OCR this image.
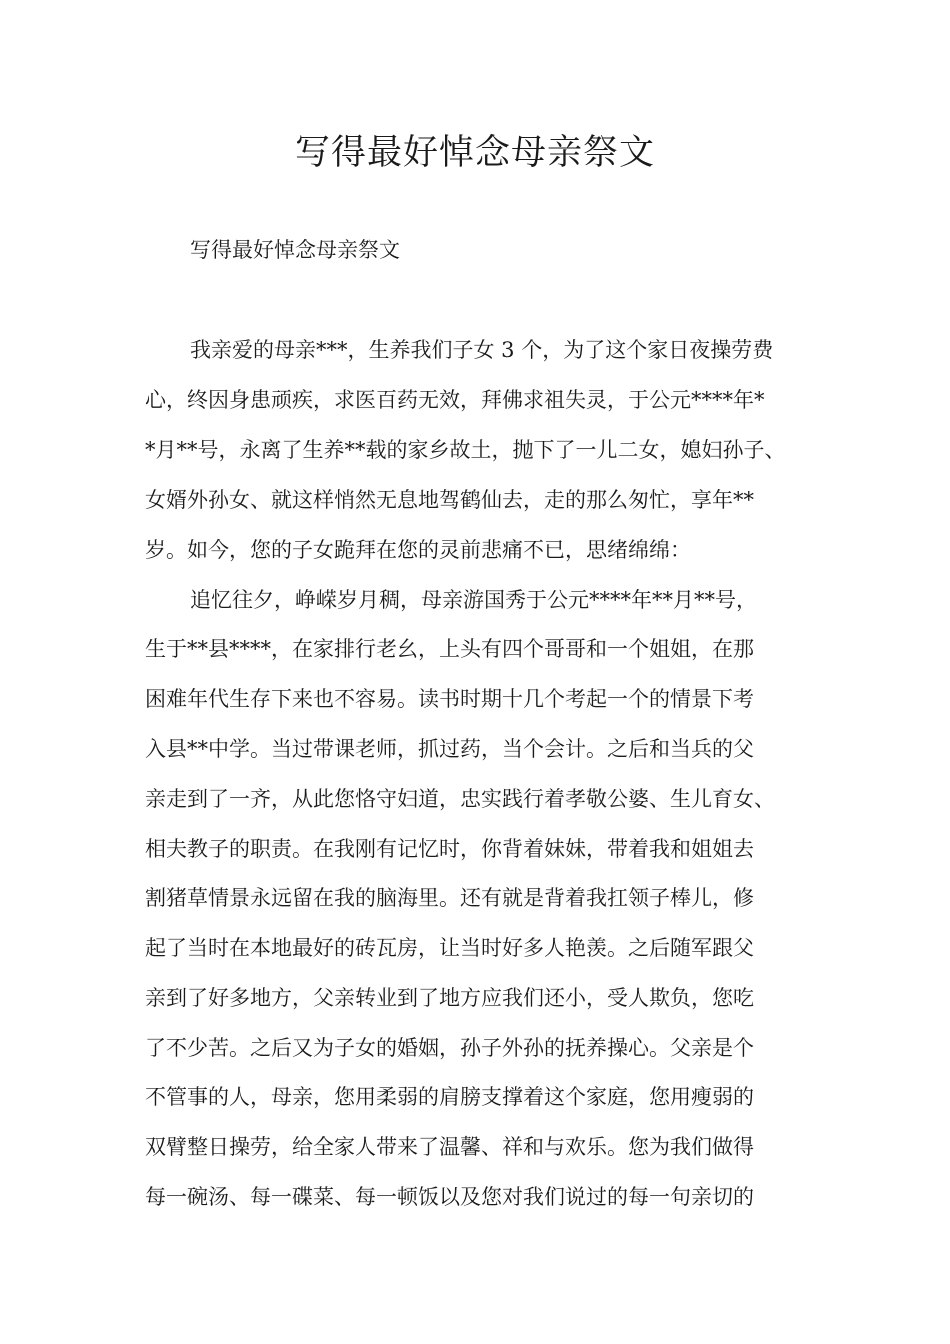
写得最好悼念母亲祭文

写得最好悼念母亲祭文

我亲爱的母亲***，生养我们子女 3 个，为了这个家日夜操劳费

心，终因身患顽疾，求医百药无效，拜佛求祖失灵，于公元****年*

*月**号，永离了生养**载的家乡故土，抛下了一儿二女，媳妇孙子、

女婿外孙女、就这样悄然无息地驾鹤仙去，走的那么匆忙，享年**

岁。如今，您的子女跪拜在您的灵前悲痛不已，思绪绵绵：

追忆往夕，峥嵘岁月稠，母亲游国秀于公元****年**月**号，

生于**县****，在家排行老幺，上头有四个哥哥和一个姐姐，在那

困难年代生存下来也不容易。读书时期十几个考起一个的情景下考

入县**中学。当过带课老师，抓过药，当个会计。之后和当兵的父

亲走到了一齐，从此您恪守妇道，忠实践行着孝敬公婆、生儿育女、

相夫教子的职责。在我刚有记忆时，你背着妹妹，带着我和姐姐去

割猪草情景永远留在我的脑海里。还有就是背着我扛领子棒儿，修

起了当时在本地最好的砖瓦房，让当时好多人艳羡。之后随军跟父

亲到了好多地方，父亲转业到了地方应我们还小，受人欺负，您吃

了不少苦。之后又为子女的婚姻，孙子外孙的抚养操心。父亲是个

不管事的人，母亲，您用柔弱的肩膀支撑着这个家庭，您用瘦弱的

双臂整日操劳，给全家人带来了温馨、祥和与欢乐。您为我们做得

每一碗汤、每一碟菜、每一顿饭以及您对我们说过的每一句亲切的
